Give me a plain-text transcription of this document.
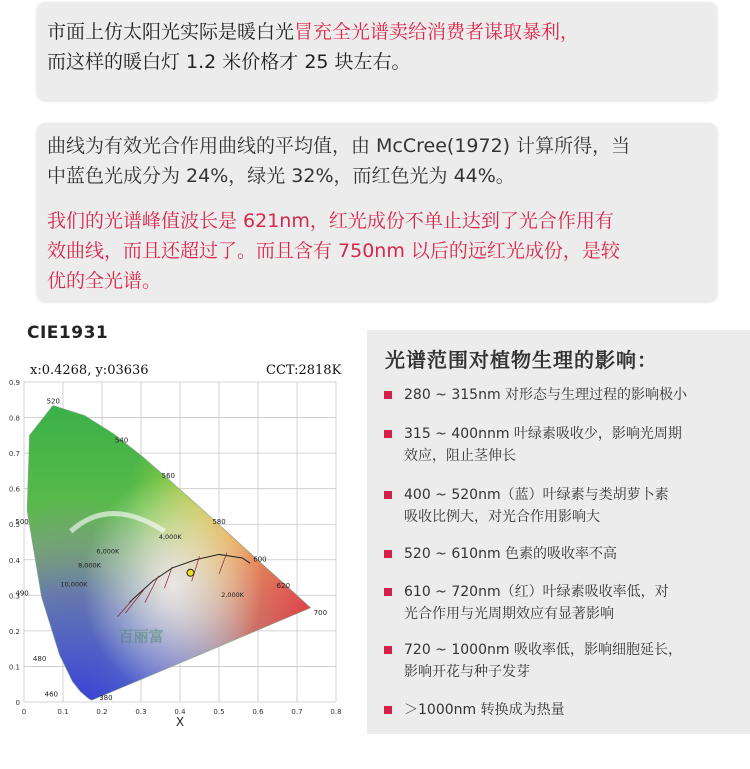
市面上仿太阳光实际是暖白光冒充全光谱卖给消费者谋取暴利，
而这样的暖白灯 1.2 米价格才 25 块左右。
曲线为有效光合作用曲线的平均值，由 McCree(1972) 计算所得，当
中蓝色光成分为 24%，绿光 32%，而红色光为 44%。
我们的光谱峰值波长是 621nm，红光成份不单止达到了光合作用有
效曲线，而且还超过了。而且含有 750nm 以后的远红光成份，是较
优的全光谱。
0	0.1	0.2	0.3	0.4	0.5	0.6	0.7	0.8
0
0.1
0.2
0.3
0.4
0.5
0.6
0.7
0.8
0.9
520
540
560
580
600
620
700
500
490
480
460	380
4,000K
6,000K
8,000K
10,000K
2,000K
X
百丽富
CIE1931
x:0.4268, y:03636	CCT:2818K 光谱范围对植物生理的影响：
280 ~ 315nm 对形态与生理过程的影响极小
315 ~ 400nnm 叶绿素吸收少，影响光周期
效应，阻止茎伸长
400 ~ 520nm（蓝）叶绿素与类胡萝卜素
吸收比例大，对光合作用影响大
520 ~ 610nm 色素的吸收率不高
610 ~ 720nm（红）叶绿素吸收率低，对
光合作用与光周期效应有显著影响
720 ~ 1000nm 吸收率低，影响细胞延长，
影响开花与种子发芽
＞1000nm 转换成为热量
